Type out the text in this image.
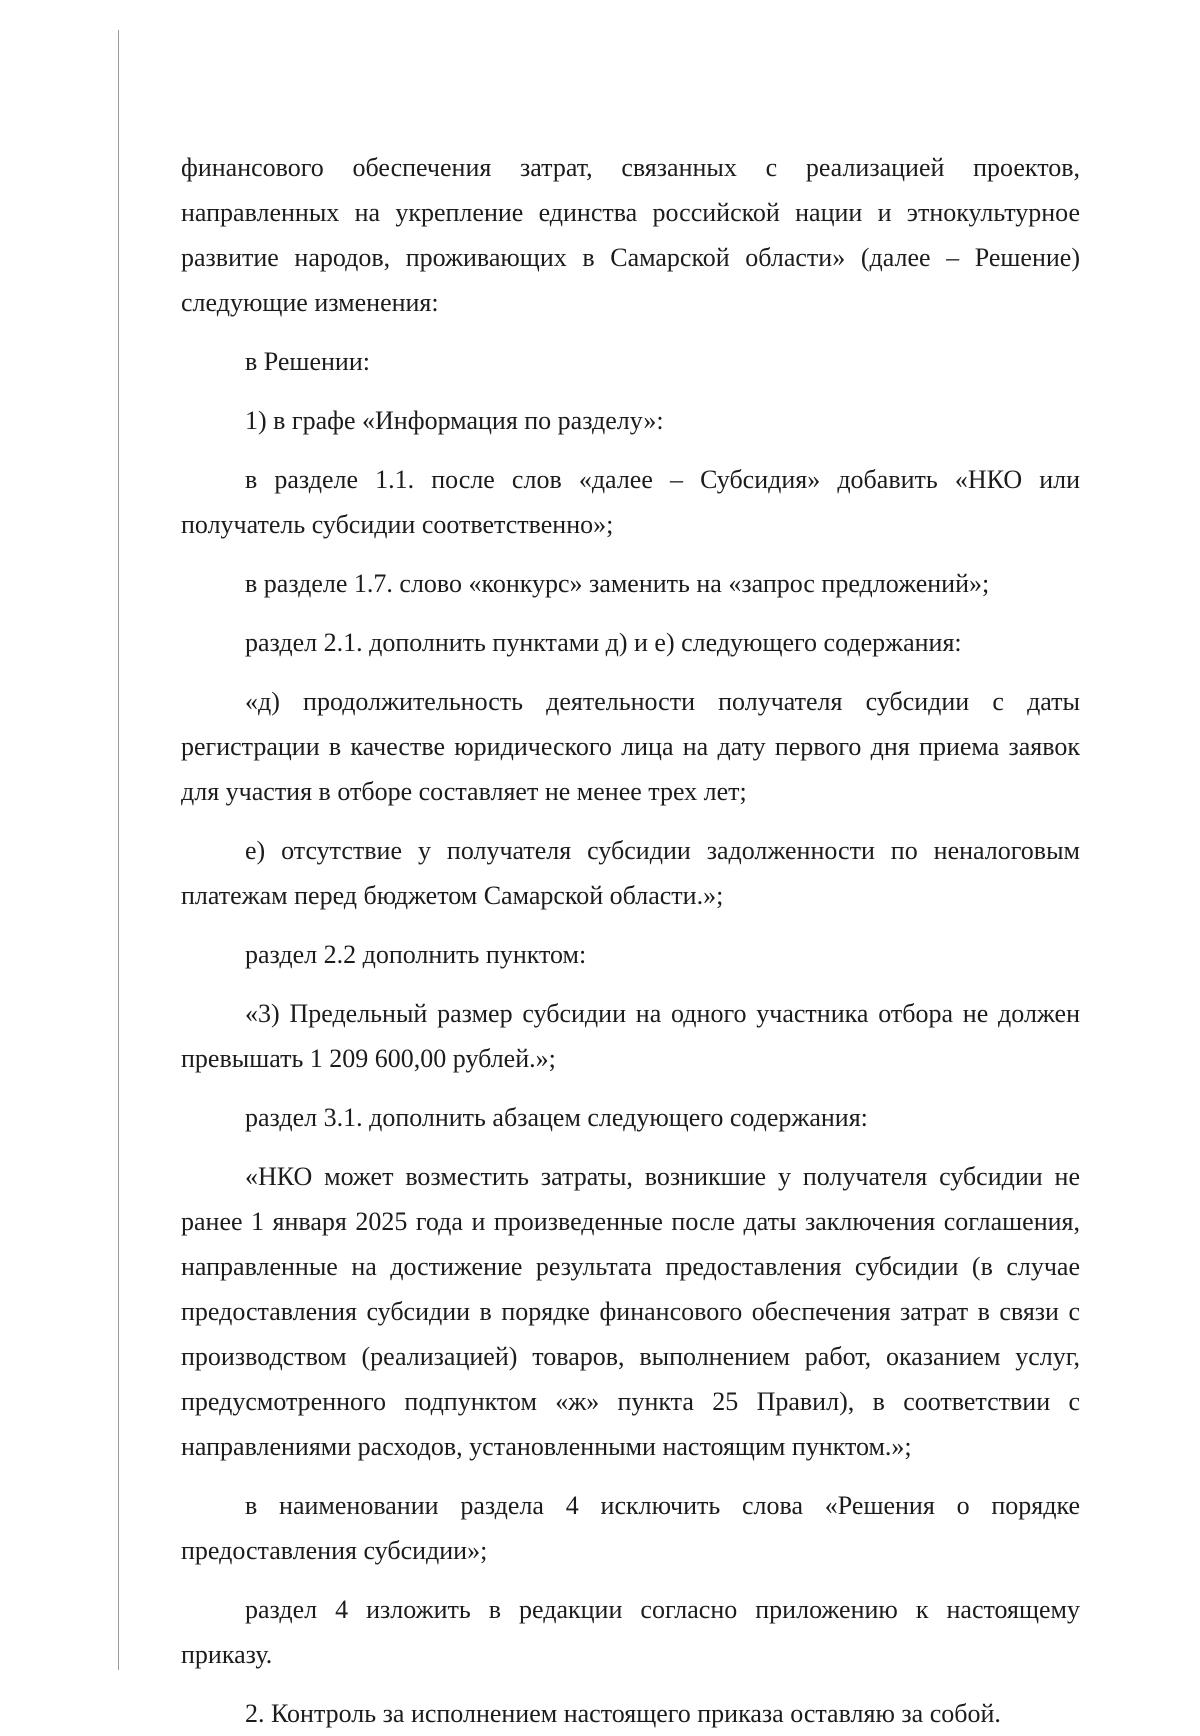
финансового обеспечения затрат, связанных с реализацией проектов, направленных на укрепление единства российской нации и этнокультурное развитие народов, проживающих в Самарской области» (далее – Решение) следующие изменения:

в Решении:

1) в графе «Информация по разделу»:

в разделе 1.1. после слов «далее – Субсидия» добавить «НКО или получатель субсидии соответственно»;

в разделе 1.7. слово «конкурс» заменить на «запрос предложений»;

раздел 2.1. дополнить пунктами д) и е) следующего содержания:

«д) продолжительность деятельности получателя субсидии с даты регистрации в качестве юридического лица на дату первого дня приема заявок для участия в отборе составляет не менее трех лет;

е) отсутствие у получателя субсидии задолженности по неналоговым платежам перед бюджетом Самарской области.»;

раздел 2.2 дополнить пунктом:

«3) Предельный размер субсидии на одного участника отбора не должен превышать 1 209 600,00 рублей.»;

раздел 3.1. дополнить абзацем следующего содержания:

«НКО может возместить затраты, возникшие у получателя субсидии не ранее 1 января 2025 года и произведенные после даты заключения соглашения, направленные на достижение результата предоставления субсидии (в случае предоставления субсидии в порядке финансового обеспечения затрат в связи с производством (реализацией) товаров, выполнением работ, оказанием услуг, предусмотренного подпунктом «ж» пункта 25 Правил), в соответствии с направлениями расходов, установленными настоящим пунктом.»;

в наименовании раздела 4 исключить слова «Решения о порядке предоставления субсидии»;

раздел 4 изложить в редакции согласно приложению к настоящему приказу.

2. Контроль за исполнением настоящего приказа оставляю за собой.
